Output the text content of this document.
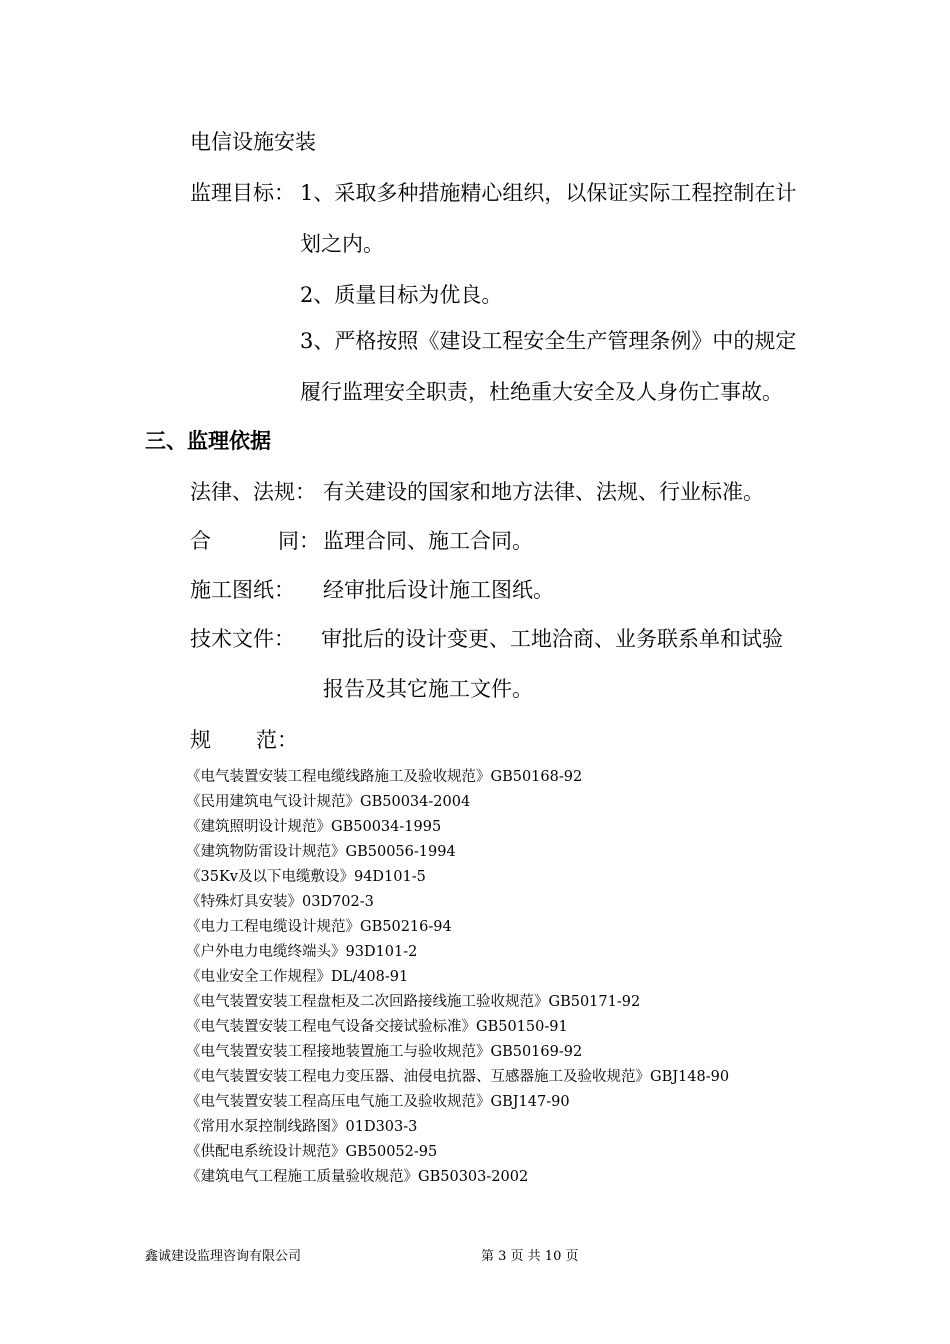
电信设施安装
监理目标： 1、采取多种措施精心组织，以保证实际工程控制在计
划之内。
2、质量目标为优良。
3、严格按照《建设工程安全生产管理条例》中的规定
履行监理安全职责，杜绝重大安全及人身伤亡事故。
三、监理依据
法律、法规： 有关建设的国家和地方法律、法规、行业标准。
合	同： 监理合同、施工合同。
施工图纸： 经审批后设计施工图纸。
技术文件： 审批后的设计变更、工地洽商、业务联系单和试验
报告及其它施工文件。
规 范：
《电气装置安装工程电缆线路施工及验收规范》GB50168-92
《民用建筑电气设计规范》GB50034-2004
《建筑照明设计规范》GB50034-1995
《建筑物防雷设计规范》GB50056-1994
《35Kv及以下电缆敷设》94D101-5
《特殊灯具安装》03D702-3
《电力工程电缆设计规范》GB50216-94
《户外电力电缆终端头》93D101-2
《电业安全工作规程》DL/408-91
《电气装置安装工程盘柜及二次回路接线施工验收规范》GB50171-92
《电气装置安装工程电气设备交接试验标准》GB50150-91
《电气装置安装工程接地装置施工与验收规范》GB50169-92
《电气装置安装工程电力变压器、油侵电抗器、互感器施工及验收规范》GBJ148-90
《电气装置安装工程高压电气施工及验收规范》GBJ147-90
《常用水泵控制线路图》01D303-3
《供配电系统设计规范》GB50052-95
《建筑电气工程施工质量验收规范》GB50303-2002
鑫诚建设监理咨询有限公司	第 3 页 共 10 页
